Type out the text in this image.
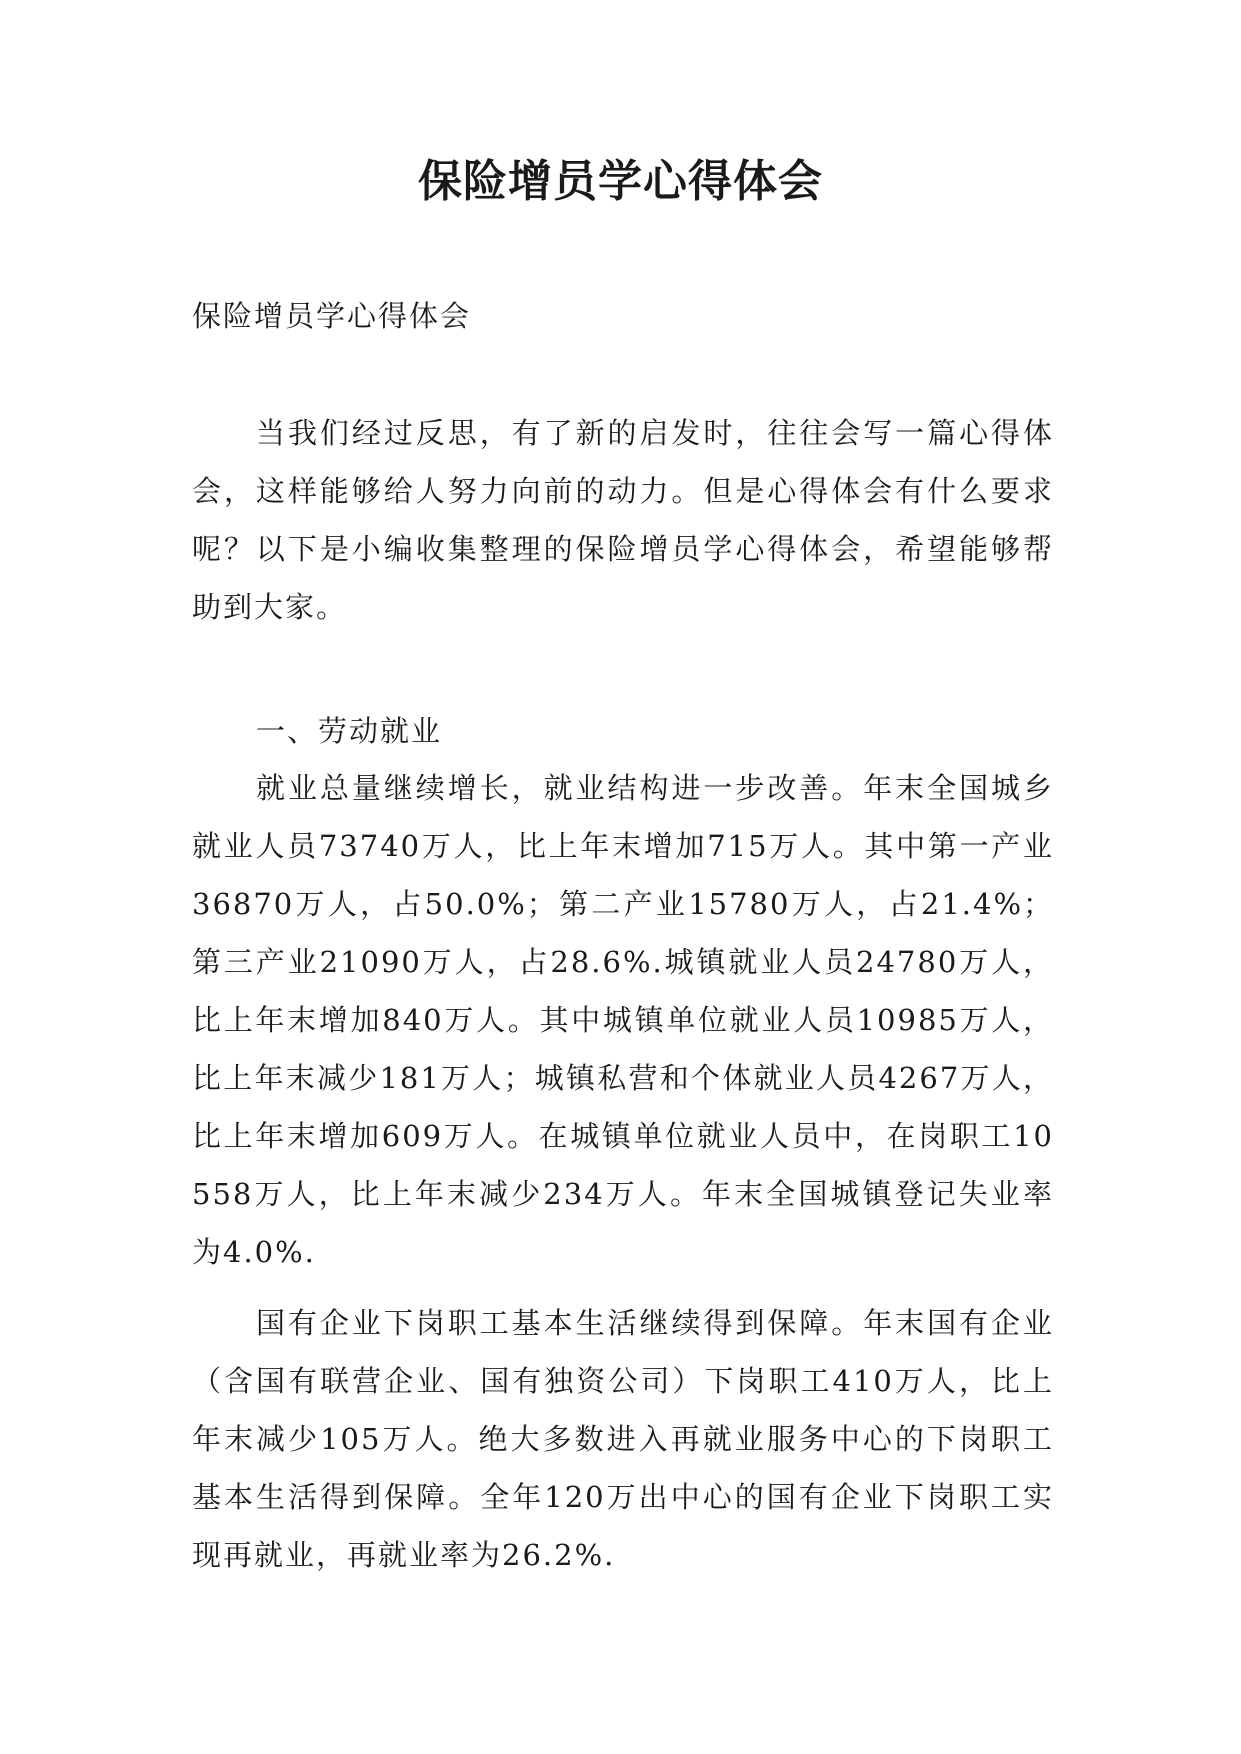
保险增员学心得体会

保险增员学心得体会

当我们经过反思，有了新的启发时，往往会写一篇心得体会，这样能够给人努力向前的动力。但是心得体会有什么要求呢？以下是小编收集整理的保险增员学心得体会，希望能够帮助到大家。

一、劳动就业

就业总量继续增长，就业结构进一步改善。年末全国城乡就业人员73740万人，比上年末增加715万人。其中第一产业36870万人，占50.0%；第二产业15780万人，占21.4%；第三产业21090万人，占28.6%.城镇就业人员24780万人，比上年末增加840万人。其中城镇单位就业人员10985万人，比上年末减少181万人；城镇私营和个体就业人员4267万人，比上年末增加609万人。在城镇单位就业人员中，在岗职工10558万人，比上年末减少234万人。年末全国城镇登记失业率为4.0%.

国有企业下岗职工基本生活继续得到保障。年末国有企业（含国有联营企业、国有独资公司）下岗职工410万人，比上年末减少105万人。绝大多数进入再就业服务中心的下岗职工基本生活得到保障。全年120万出中心的国有企业下岗职工实现再就业，再就业率为26.2%.
